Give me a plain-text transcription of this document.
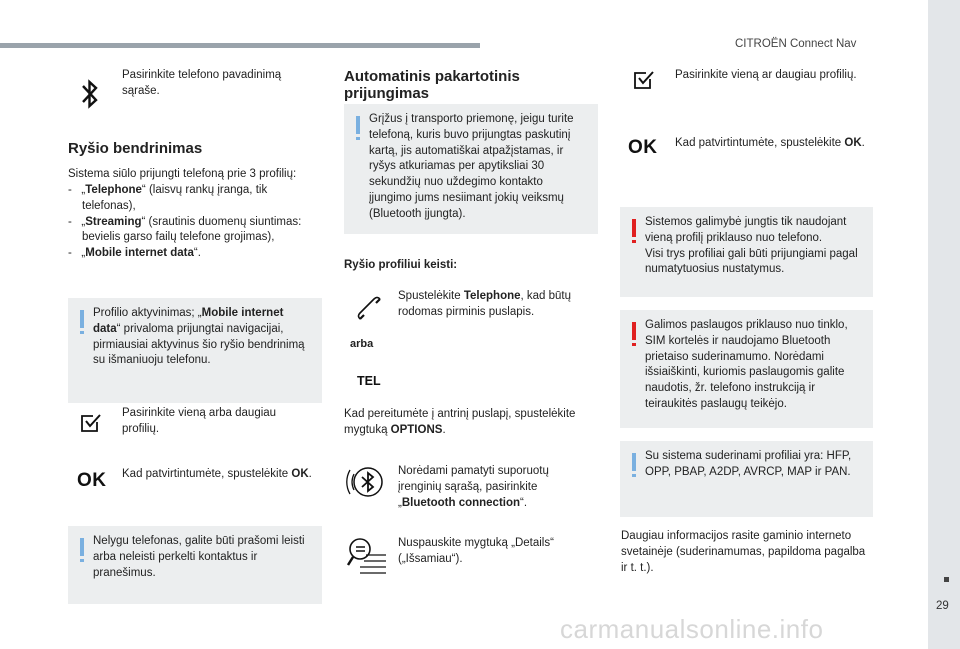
CITROËN Connect Nav
29
carmanualsonline.info
Pasirinkite telefono pavadinimą sąraše.
Ryšio bendrinimas
Sistema siūlo prijungti telefoną prie 3 profilių:
-   „Telephone“ (laisvų rankų įranga, tik telefonas),
-   „Streaming“ (srautinis duomenų siuntimas: bevielis garso failų telefone grojimas),
-   „Mobile internet data“.
Profilio aktyvinimas; „Mobile internet data“ privaloma prijungtai navigacijai, pirmiausiai aktyvinus šio ryšio bendrinimą su išmaniuoju telefonu.
Pasirinkite vieną arba daugiau profilių.
OK Kad patvirtintumėte, spustelėkite OK.
Nelygu telefonas, galite būti prašomi leisti arba neleisti perkelti kontaktus ir pranešimus.
Automatinis pakartotinis prijungimas
Grįžus į transporto priemonę, jeigu turite telefoną, kuris buvo prijungtas paskutinį kartą, jis automatiškai atpažįstamas, ir ryšys atkuriamas per apytiksliai 30 sekundžių nuo uždegimo kontakto įjungimo jums nesiimant jokių veiksmų (Bluetooth įjungta).
Ryšio profiliui keisti:
Spustelėkite Telephone, kad būtų rodomas pirminis puslapis.
arba
TEL
Kad pereitumėte į antrinį puslapį, spustelėkite mygtuką OPTIONS.
Norėdami pamatyti suporuotų įrenginių sąrašą, pasirinkite „Bluetooth connection“.
Nuspauskite mygtuką „Details“ („Išsamiau“).
Pasirinkite vieną ar daugiau profilių.
OK Kad patvirtintumėte, spustelėkite OK.
Sistemos galimybė jungtis tik naudojant vieną profilį priklauso nuo telefono.
Visi trys profiliai gali būti prijungiami pagal numatytuosius nustatymus.
Galimos paslaugos priklauso nuo tinklo, SIM kortelės ir naudojamo Bluetooth prietaiso suderinamumo. Norėdami išsiaiškinti, kuriomis paslaugomis galite naudotis, žr. telefono instrukciją ir teiraukitės paslaugų teikėjo.
Su sistema suderinami profiliai yra: HFP, OPP, PBAP, A2DP, AVRCP, MAP ir PAN.
Daugiau informacijos rasite gaminio interneto svetainėje (suderinamumas, papildoma pagalba ir t. t.).
